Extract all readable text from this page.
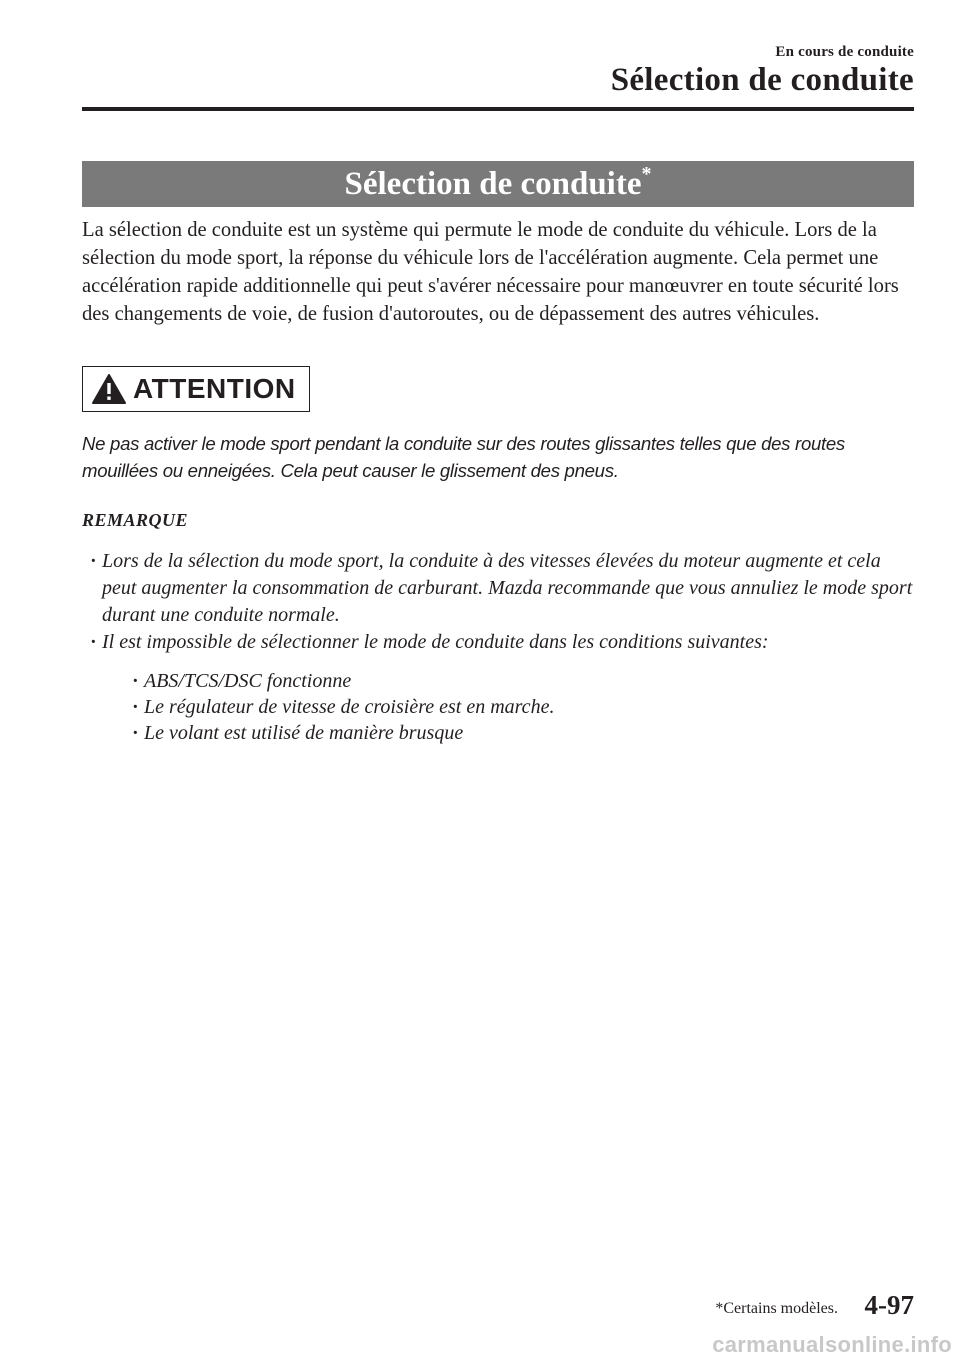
En cours de conduite
Sélection de conduite
Sélection de conduite*

La sélection de conduite est un système qui permute le mode de conduite du véhicule. Lors de la sélection du mode sport, la réponse du véhicule lors de l'accélération augmente. Cela permet une accélération rapide additionnelle qui peut s'avérer nécessaire pour manœuvrer en toute sécurité lors des changements de voie, de fusion d'autoroutes, ou de dépassement des autres véhicules.

ATTENTION

Ne pas activer le mode sport pendant la conduite sur des routes glissantes telles que des routes mouillées ou enneigées. Cela peut causer le glissement des pneus.

REMARQUE
· Lors de la sélection du mode sport, la conduite à des vitesses élevées du moteur augmente et cela peut augmenter la consommation de carburant. Mazda recommande que vous annuliez le mode sport durant une conduite normale.
· Il est impossible de sélectionner le mode de conduite dans les conditions suivantes:
· ABS/TCS/DSC fonctionne
· Le régulateur de vitesse de croisière est en marche.
· Le volant est utilisé de manière brusque
*Certains modèles. 4-97
carmanualsonline.info
